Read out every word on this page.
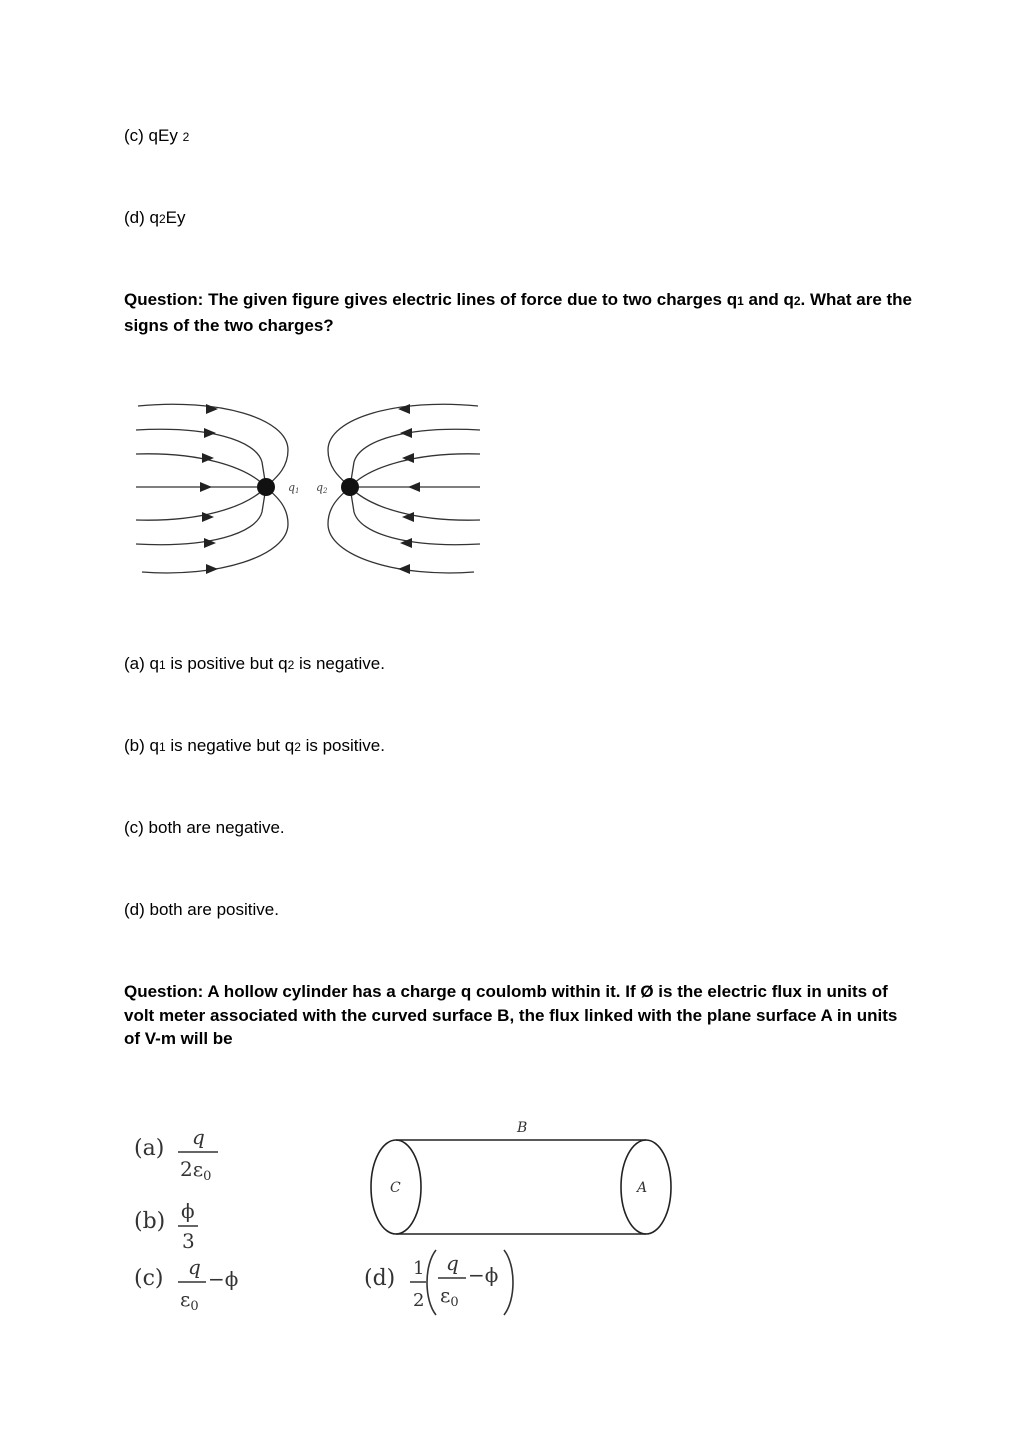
(c) qEy 2
(d) q2Ey
Question: The given figure gives electric lines of force due to two charges q1 and q2. What are the signs of the two charges?
q1 q2
(a) q1 is positive but q2 is negative.
(b) q1 is negative but q2 is positive.
(c) both are negative.
(d) both are positive.
Question: A hollow cylinder has a charge q coulomb within it. If Ø is the electric flux in units of volt meter associated with the curved surface B, the flux linked with the plane surface A in units of V-m will be
(a) q
$2\varepsilon_0$
(b) ϕ
3
(c) q
$\varepsilon_0$
−ϕ	(d) 1
2
q
$\varepsilon_0$
−ϕ
B
C	A
